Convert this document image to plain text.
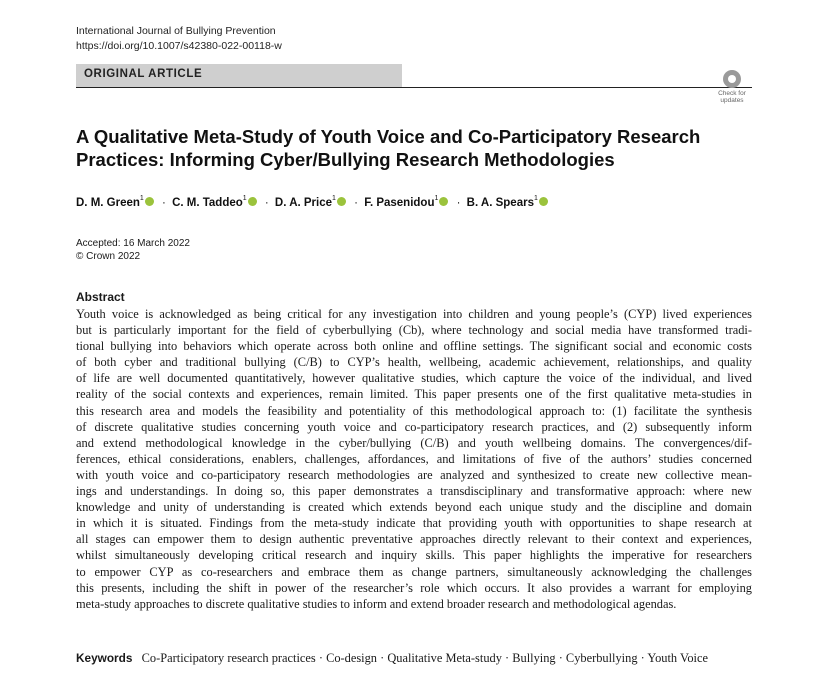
International Journal of Bullying Prevention
https://doi.org/10.1007/s42380-022-00118-w
ORIGINAL ARTICLE
Check for updates
A Qualitative Meta-Study of Youth Voice and Co-Participatory Research
Practices: Informing Cyber/Bullying Research Methodologies
D. M. Green$^1$ · C. M. Taddeo$^1$ · D. A. Price$^1$ · F. Pasenidou$^1$ · B. A. Spears$^1$
Accepted: 16 March 2022
© Crown 2022
Abstract
Youth voice is acknowledged as being critical for any investigation into children and young people’s (CYP) lived experiences
but is particularly important for the field of cyberbullying (Cb), where technology and social media have transformed tradi-
tional bullying into behaviors which operate across both online and offline settings. The significant social and economic costs
of both cyber and traditional bullying (C/B) to CYP’s health, wellbeing, academic achievement, relationships, and quality
of life are well documented quantitatively, however qualitative studies, which capture the voice of the individual, and lived
reality of the social contexts and experiences, remain limited. This paper presents one of the first qualitative meta-studies in
this research area and models the feasibility and potentiality of this methodological approach to: (1) facilitate the synthesis
of discrete qualitative studies concerning youth voice and co-participatory research practices, and (2) subsequently inform
and extend methodological knowledge in the cyber/bullying (C/B) and youth wellbeing domains. The convergences/dif-
ferences, ethical considerations, enablers, challenges, affordances, and limitations of five of the authors’ studies concerned
with youth voice and co-participatory research methodologies are analyzed and synthesized to create new collective mean-
ings and understandings. In doing so, this paper demonstrates a transdisciplinary and transformative approach: where new
knowledge and unity of understanding is created which extends beyond each unique study and the discipline and domain
in which it is situated. Findings from the meta-study indicate that providing youth with opportunities to shape research at
all stages can empower them to design authentic preventative approaches directly relevant to their context and experiences,
whilst simultaneously developing critical research and inquiry skills. This paper highlights the imperative for researchers
to empower CYP as co-researchers and embrace them as change partners, simultaneously acknowledging the challenges
this presents, including the shift in power of the researcher’s role which occurs. It also provides a warrant for employing
meta-study approaches to discrete qualitative studies to inform and extend broader research and methodological agendas.
Keywords Co-Participatory research practices · Co-design · Qualitative Meta-study · Bullying · Cyberbullying · Youth Voice
